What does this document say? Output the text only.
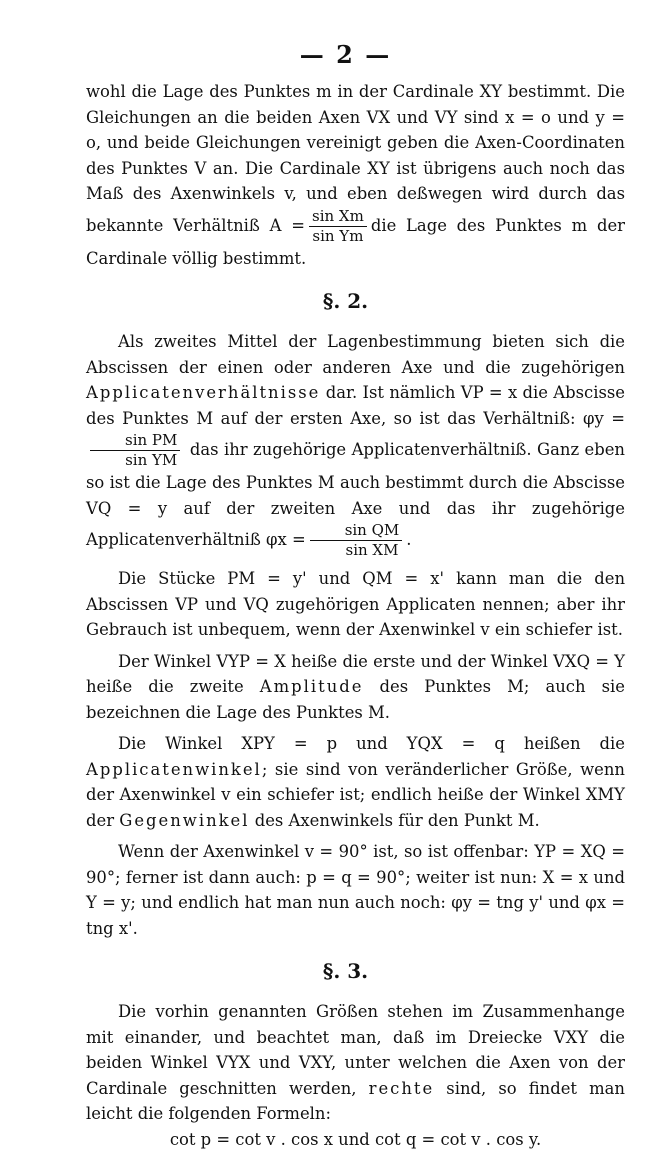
— 2 —

wohl die Lage des Punktes m in der Cardinale XY bestimmt. Die Gleichungen an die beiden Axen VX und VY sind x = o und y = o, und beide Gleichungen vereinigt geben die Axen-Coordinaten des Punktes V an. Die Cardinale XY ist übrigens auch noch das Maß des Axenwinkels v, und eben deßwegen wird durch das bekannte Verhältniß $A = \frac{\text{sin Xm}}{\text{sin Ym}}$ die Lage des Punktes m der Cardinale völlig bestimmt.

§. 2.

Als zweites Mittel der Lagenbestimmung bieten sich die Abscissen der einen oder anderen Axe und die zugehörigen Applicatenverhältnisse dar. Ist nämlich VP = x die Abscisse des Punktes M auf der ersten Axe, so ist das Verhältniß: φy =
$\frac{\text{sin PM}}{\text{sin YM}}$ das ihr zugehörige Applicatenverhältniß. Ganz eben so ist die Lage des Punktes M auch bestimmt durch die Abscisse VQ = y auf der zweiten Axe und das ihr zugehörige Applicatenverhältniß $\varphi x = \frac{\text{sin QM}}{\text{sin XM}}$ .

Die Stücke PM = y' und QM = x' kann man die den Abscissen VP und VQ zugehörigen Applicaten nennen; aber ihr Gebrauch ist unbequem, wenn der Axenwinkel v ein schiefer ist.

Der Winkel VYP = X heiße die erste und der Winkel VXQ = Y heiße die zweite Amplitude des Punktes M; auch sie bezeichnen die Lage des Punktes M.

Die Winkel XPY = p und YQX = q heißen die Applicatenwinkel; sie sind von veränderlicher Größe, wenn der Axenwinkel v ein schiefer ist; endlich heiße der Winkel XMY der Gegenwinkel des Axenwinkels für den Punkt M.

Wenn der Axenwinkel v = 90° ist, so ist offenbar: YP = XQ = 90°; ferner ist dann auch: p = q = 90°; weiter ist nun: X = x und Y = y; und endlich hat man nun auch noch: φy = tng y' und φx = tng x'.

§. 3.

Die vorhin genannten Größen stehen im Zusammenhange mit einander, und beachtet man, daß im Dreiecke VXY die beiden Winkel VYX und VXY, unter welchen die Axen von der Cardinale geschnitten werden, rechte sind, so findet man leicht die folgenden Formeln:

cot p = cot v . cos x und cot q = cot v . cos y.
